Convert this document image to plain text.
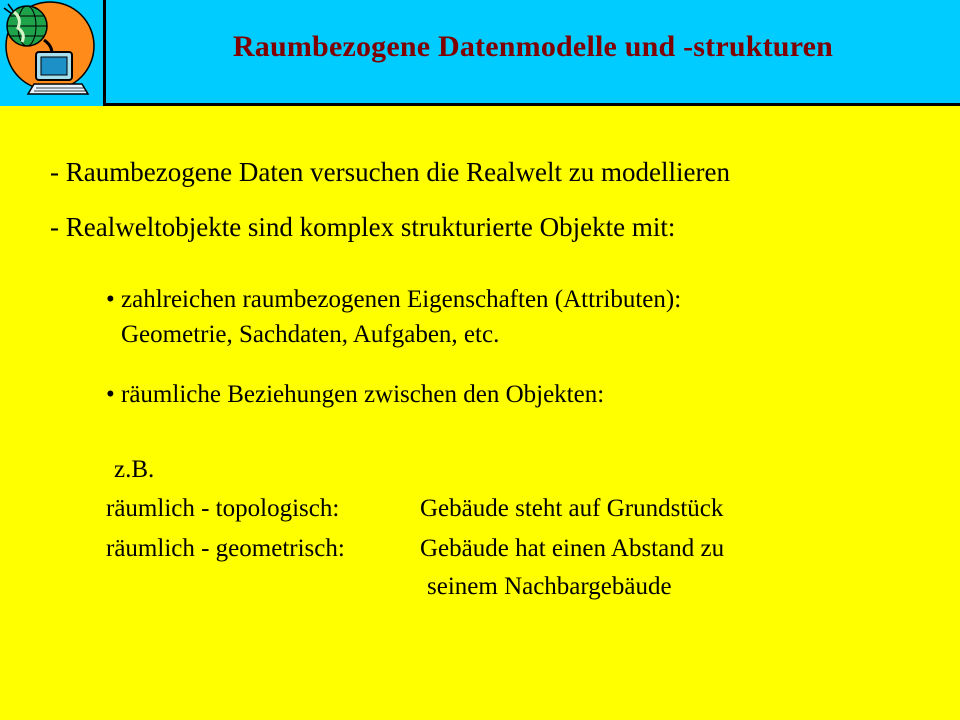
Raumbezogene Datenmodelle und -strukturen
- Raumbezogene Daten versuchen die Realwelt zu modellieren
- Realweltobjekte sind komplex strukturierte Objekte mit:
• zahlreichen raumbezogenen Eigenschaften (Attributen):
Geometrie, Sachdaten, Aufgaben, etc.
• räumliche Beziehungen zwischen den Objekten:
z.B.
räumlich - topologisch:	Gebäude steht auf Grundstück
räumlich - geometrisch:	Gebäude hat einen Abstand zu
seinem Nachbargebäude
